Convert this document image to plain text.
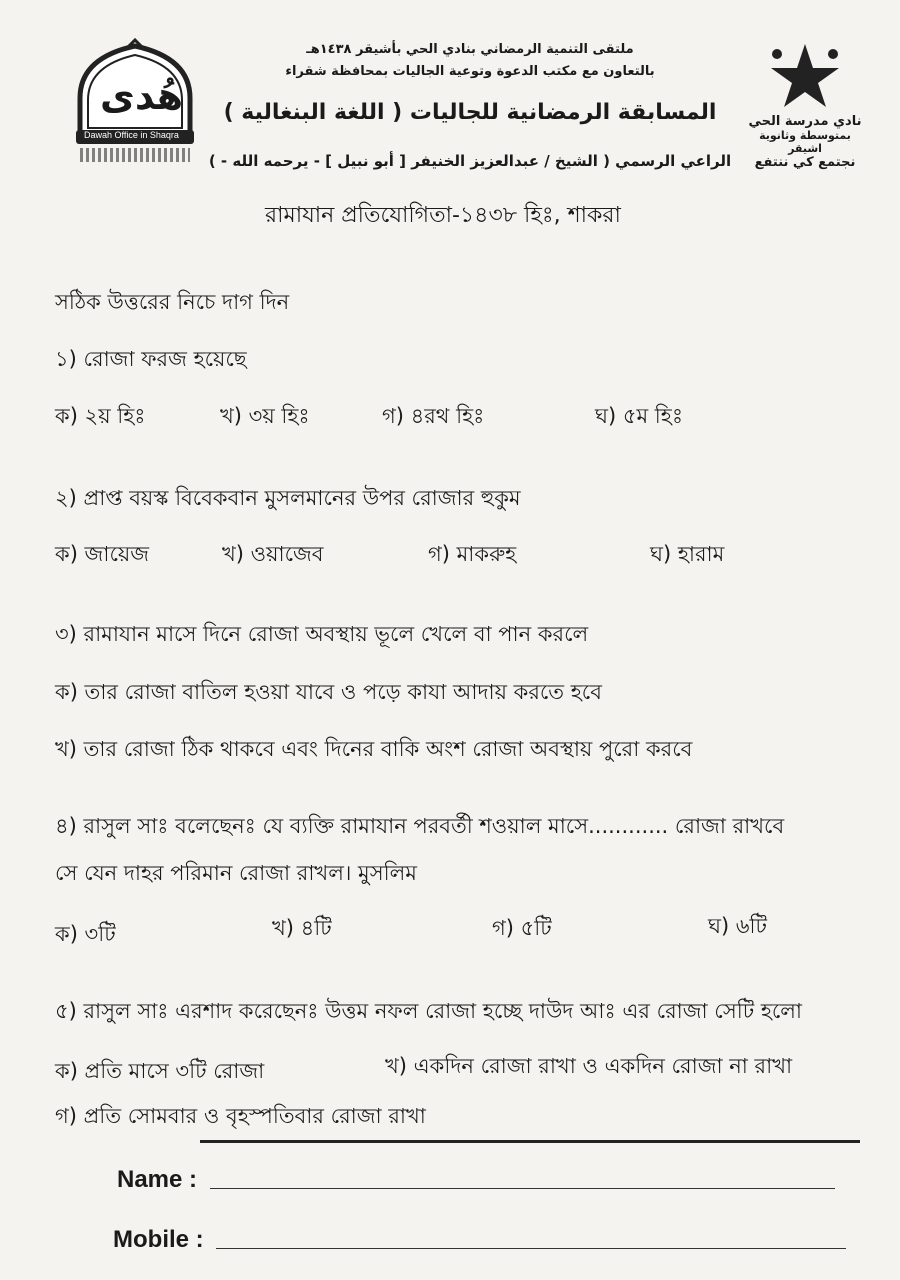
هُدى
Dawah Office in Shaqra
ملتقى التنمية الرمضاني بنادي الحي بأشيقر ١٤٣٨هـ
بالتعاون مع مكتب الدعوة وتوعية الجاليات بمحافظة شقراء
المسابقة الرمضانية للجاليات ( اللغة البنغالية )
الراعي الرسمي ( الشيخ / عبدالعزيز الخنيفر [ أبو نبيل ] - يرحمه الله - )
نادي مدرسة الحي
بمتوسطة وثانوية اشيقر
نجتمع كي ننتفع
রামাযান প্রতিযোগিতা-১৪৩৮ হিঃ, শাকরা
সঠিক উত্তরের নিচে দাগ দিন
১) রোজা ফরজ হয়েছে
ক) ২য় হিঃ	খ) ৩য় হিঃ	গ) ৪রথ হিঃ	ঘ) ৫ম হিঃ
২) প্রাপ্ত বয়স্ক বিবেকবান মুসলমানের উপর রোজার হুকুম
ক) জায়েজ	খ) ওয়াজেব	গ) মাকরুহ	ঘ) হারাম
৩) রামাযান মাসে দিনে রোজা অবস্থায় ভূলে খেলে বা পান করলে
ক) তার রোজা বাতিল হওয়া যাবে ও পড়ে কাযা আদায় করতে হবে
খ) তার রোজা ঠিক থাকবে এবং দিনের বাকি অংশ রোজা অবস্থায় পুরো করবে
৪) রাসুল সাঃ বলেছেনঃ যে ব্যক্তি রামাযান পরবর্তী শওয়াল মাসে............ রোজা রাখবে
সে যেন দাহর পরিমান রোজা রাখল। মুসলিম
ক) ৩টি	খ) ৪টি	গ) ৫টি	ঘ) ৬টি
৫) রাসুল সাঃ এরশাদ করেছেনঃ উত্তম নফল রোজা হচ্ছে দাউদ আঃ এর রোজা সেটি হলো
ক) প্রতি মাসে ৩টি রোজা	খ) একদিন রোজা রাখা ও একদিন রোজা না রাখা
গ) প্রতি সোমবার ও বৃহস্পতিবার রোজা রাখা
Name :
Mobile :
